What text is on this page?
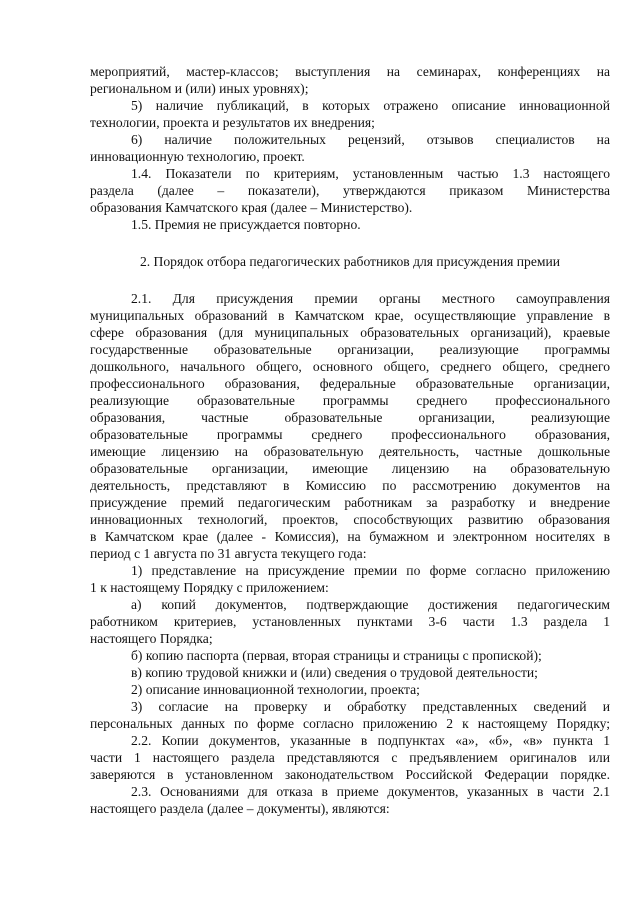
мероприятий, мастер-классов; выступления на семинарах, конференциях на

региональном и (или) иных уровнях);

5) наличие публикаций, в которых отражено описание инновационной

технологии, проекта и результатов их внедрения;

6) наличие положительных рецензий, отзывов специалистов на

инновационную технологию, проект.

1.4. Показатели по критериям, установленным частью 1.3 настоящего

раздела (далее – показатели), утверждаются приказом Министерства

образования Камчатского края (далее – Министерство).

1.5. Премия не присуждается повторно.

2. Порядок отбора педагогических работников для присуждения премии

2.1. Для присуждения премии органы местного самоуправления

муниципальных образований в Камчатском крае, осуществляющие управление в

сфере образования (для муниципальных образовательных организаций), краевые

государственные образовательные организации, реализующие программы

дошкольного, начального общего, основного общего, среднего общего, среднего

профессионального образования, федеральные образовательные организации,

реализующие образовательные программы среднего профессионального

образования, частные образовательные организации, реализующие

образовательные программы среднего профессионального образования,

имеющие лицензию на образовательную деятельность, частные дошкольные

образовательные организации, имеющие лицензию на образовательную

деятельность, представляют в Комиссию по рассмотрению документов на

присуждение премий педагогическим работникам за разработку и внедрение

инновационных технологий, проектов, способствующих развитию образования

в Камчатском крае (далее - Комиссия), на бумажном и электронном носителях в

период с 1 августа по 31 августа текущего года:

1) представление на присуждение премии по форме согласно приложению

1 к настоящему Порядку с приложением:

а) копий документов, подтверждающие достижения педагогическим

работником критериев, установленных пунктами 3-6 части 1.3 раздела 1

настоящего Порядка;

б) копию паспорта (первая, вторая страницы и страницы с пропиской);

в) копию трудовой книжки и (или) сведения о трудовой деятельности;

2) описание инновационной технологии, проекта;

3) согласие на проверку и обработку представленных сведений и

персональных данных по форме согласно приложению 2 к настоящему Порядку;

2.2. Копии документов, указанные в подпунктах «а», «б», «в» пункта 1

части 1 настоящего раздела представляются с предъявлением оригиналов или

заверяются в установленном законодательством Российской Федерации порядке.

2.3. Основаниями для отказа в приеме документов, указанных в части 2.1

настоящего раздела (далее – документы), являются:
